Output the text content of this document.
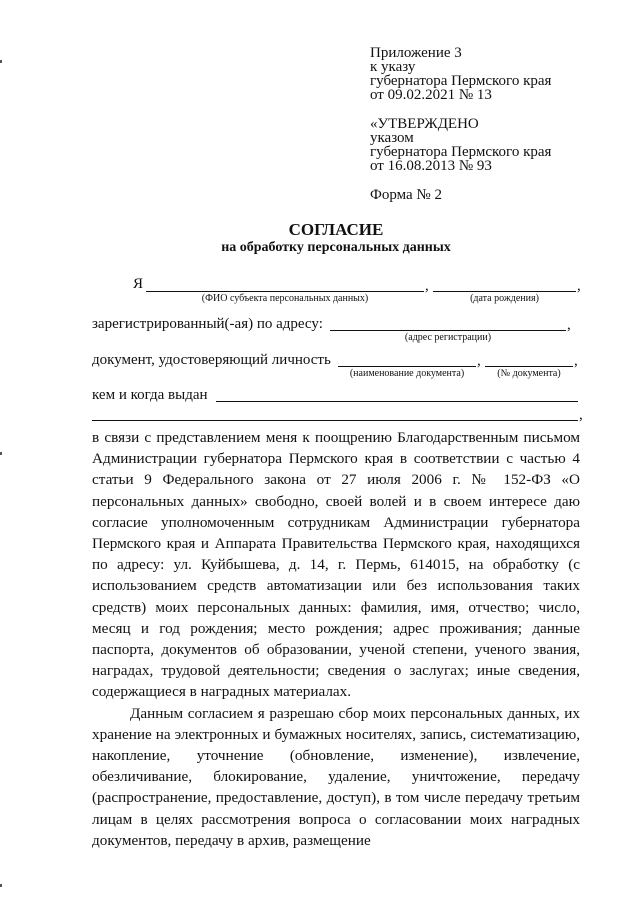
Приложение 3
к указу
губернатора Пермского края
от 09.02.2021 № 13
«УТВЕРЖДЕНО
указом
губернатора Пермского края
от 16.08.2013 № 93
Форма № 2
СОГЛАСИЕ
на обработку персональных данных
Я	,	,
(ФИО субъекта персональных данных)	(дата рождения)
зарегистрированный(-ая) по адресу:	,
(адрес регистрации)
документ, удостоверяющий личность	,	,
(наименование документа)	(№ документа)
кем и когда выдан
,

в связи с представлением меня к поощрению Благодарственным письмом Администрации губернатора Пермского края в соответствии с частью 4 статьи 9 Федерального закона от 27 июля 2006 г. № 152-ФЗ «О персональных данных» свободно, своей волей и в своем интересе даю согласие уполномоченным сотрудникам Администрации губернатора Пермского края и Аппарата Правительства Пермского края, находящихся по адресу: ул. Куйбышева, д. 14, г. Пермь, 614015, на обработку (с использованием средств автоматизации или без использования таких средств) моих персональных данных: фамилия, имя, отчество; число, месяц и год рождения; место рождения; адрес проживания; данные паспорта, документов об образовании, ученой степени, ученого звания, наградах, трудовой деятельности; сведения о заслугах; иные сведения, содержащиеся в наградных материалах.

Данным согласием я разрешаю сбор моих персональных данных, их хранение на электронных и бумажных носителях, запись, систематизацию, накопление, уточнение (обновление, изменение), извлечение, обезличивание, блокирование, удаление, уничтожение, передачу (распространение, предоставление, доступ), в том числе передачу третьим лицам в целях рассмотрения вопроса о согласовании моих наградных документов, передачу в архив, размещение
